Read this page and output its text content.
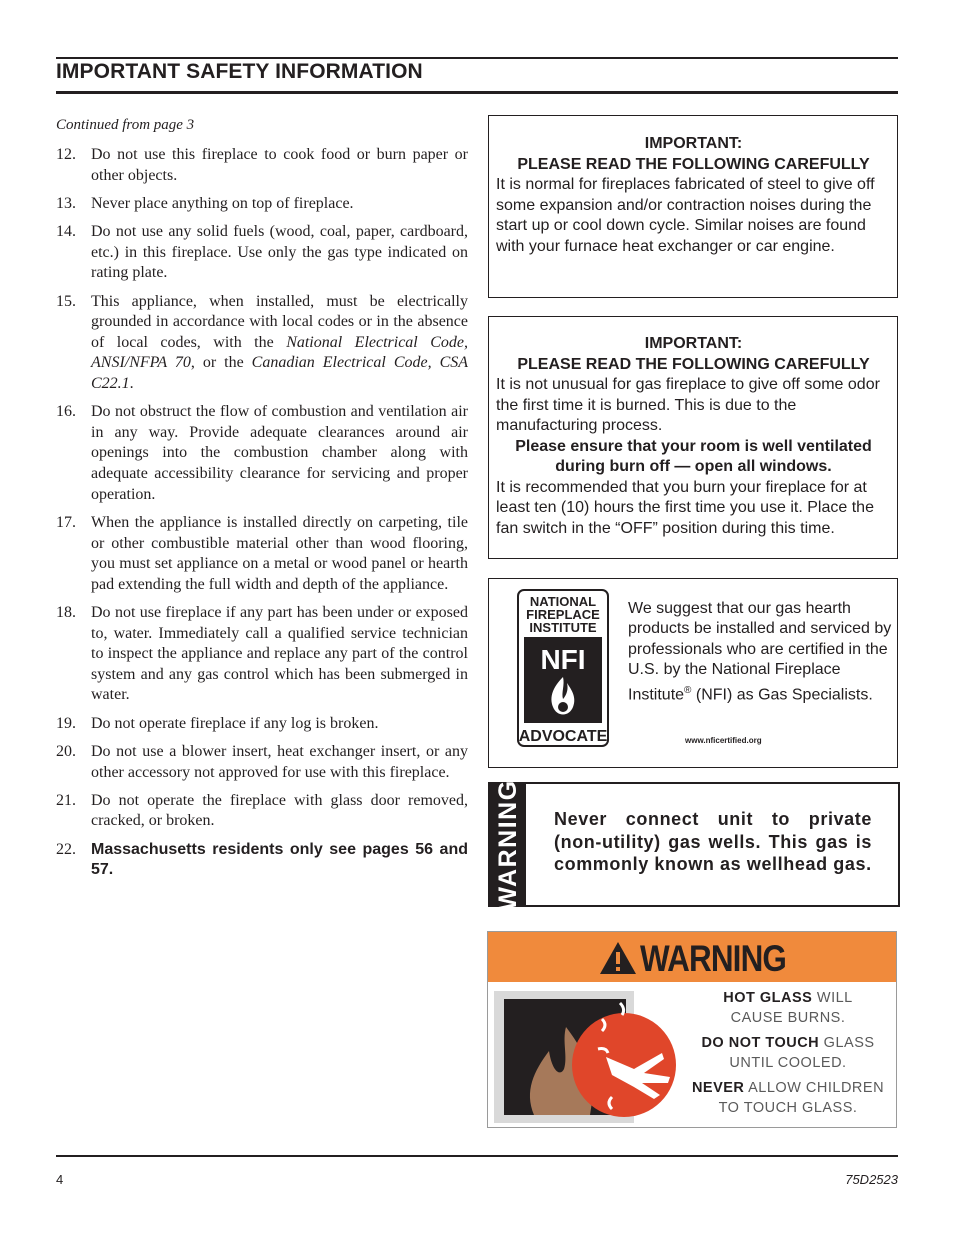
IMPORTANT SAFETY INFORMATION
Continued from page 3
12. Do not use this fireplace to cook food or burn paper or other objects.
13. Never place anything on top of fireplace.
14. Do not use any solid fuels (wood, coal, paper, cardboard, etc.) in this fireplace. Use only the gas type indicated on rating plate.
15. This appliance, when installed, must be electrically grounded in accordance with local codes or in the absence of local codes, with the National Electrical Code, ANSI/NFPA 70, or the Canadian Electrical Code, CSA C22.1.
16. Do not obstruct the flow of combustion and ventilation air in any way. Provide adequate clearances around air openings into the combustion chamber along with adequate accessibility clearance for servicing and proper operation.
17. When the appliance is installed directly on carpeting, tile or other combustible material other than wood flooring, you must set appliance on a metal or wood panel or hearth pad extending the full width and depth of the appliance.
18. Do not use fireplace if any part has been under or exposed to, water. Immediately call a qualified service technician to inspect the appliance and replace any part of the control system and any gas control which has been submerged in water.
19. Do not operate fireplace if any log is broken.
20. Do not use a blower insert, heat exchanger insert, or any other accessory not approved for use with this fireplace.
21. Do not operate the fireplace with glass door removed, cracked, or broken.
22. Massachusetts residents only see pages 56 and 57.
IMPORTANT:
PLEASE READ THE FOLLOWING CAREFULLY
It is normal for fireplaces fabricated of steel to give off some expansion and/or contraction noises during the start up or cool down cycle. Similar noises are found with your furnace heat exchanger or car engine.
IMPORTANT:
PLEASE READ THE FOLLOWING CAREFULLY
It is not unusual for gas fireplace to give off some odor the first time it is burned. This is due to the manufacturing process.
Please ensure that your room is well ventilated during burn off — open all windows.
It is recommended that you burn your fireplace for at least ten (10) hours the first time you use it. Place the fan switch in the “OFF” position during this time.
NATIONAL
FIREPLACE
INSTITUTE
NFI
ADVOCATE
We suggest that our gas hearth products be installed and serviced by professionals who are certified in the U.S. by the National Fireplace Institute® (NFI) as Gas Specialists.
www.nficertified.org
WARNING Never connect unit to private (non-utility) gas wells. This gas is commonly known as wellhead gas.
WARNING
HOT GLASS WILL
CAUSE BURNS.
DO NOT TOUCH GLASS
UNTIL COOLED.
NEVER ALLOW CHILDREN
TO TOUCH GLASS.
4	75D2523
